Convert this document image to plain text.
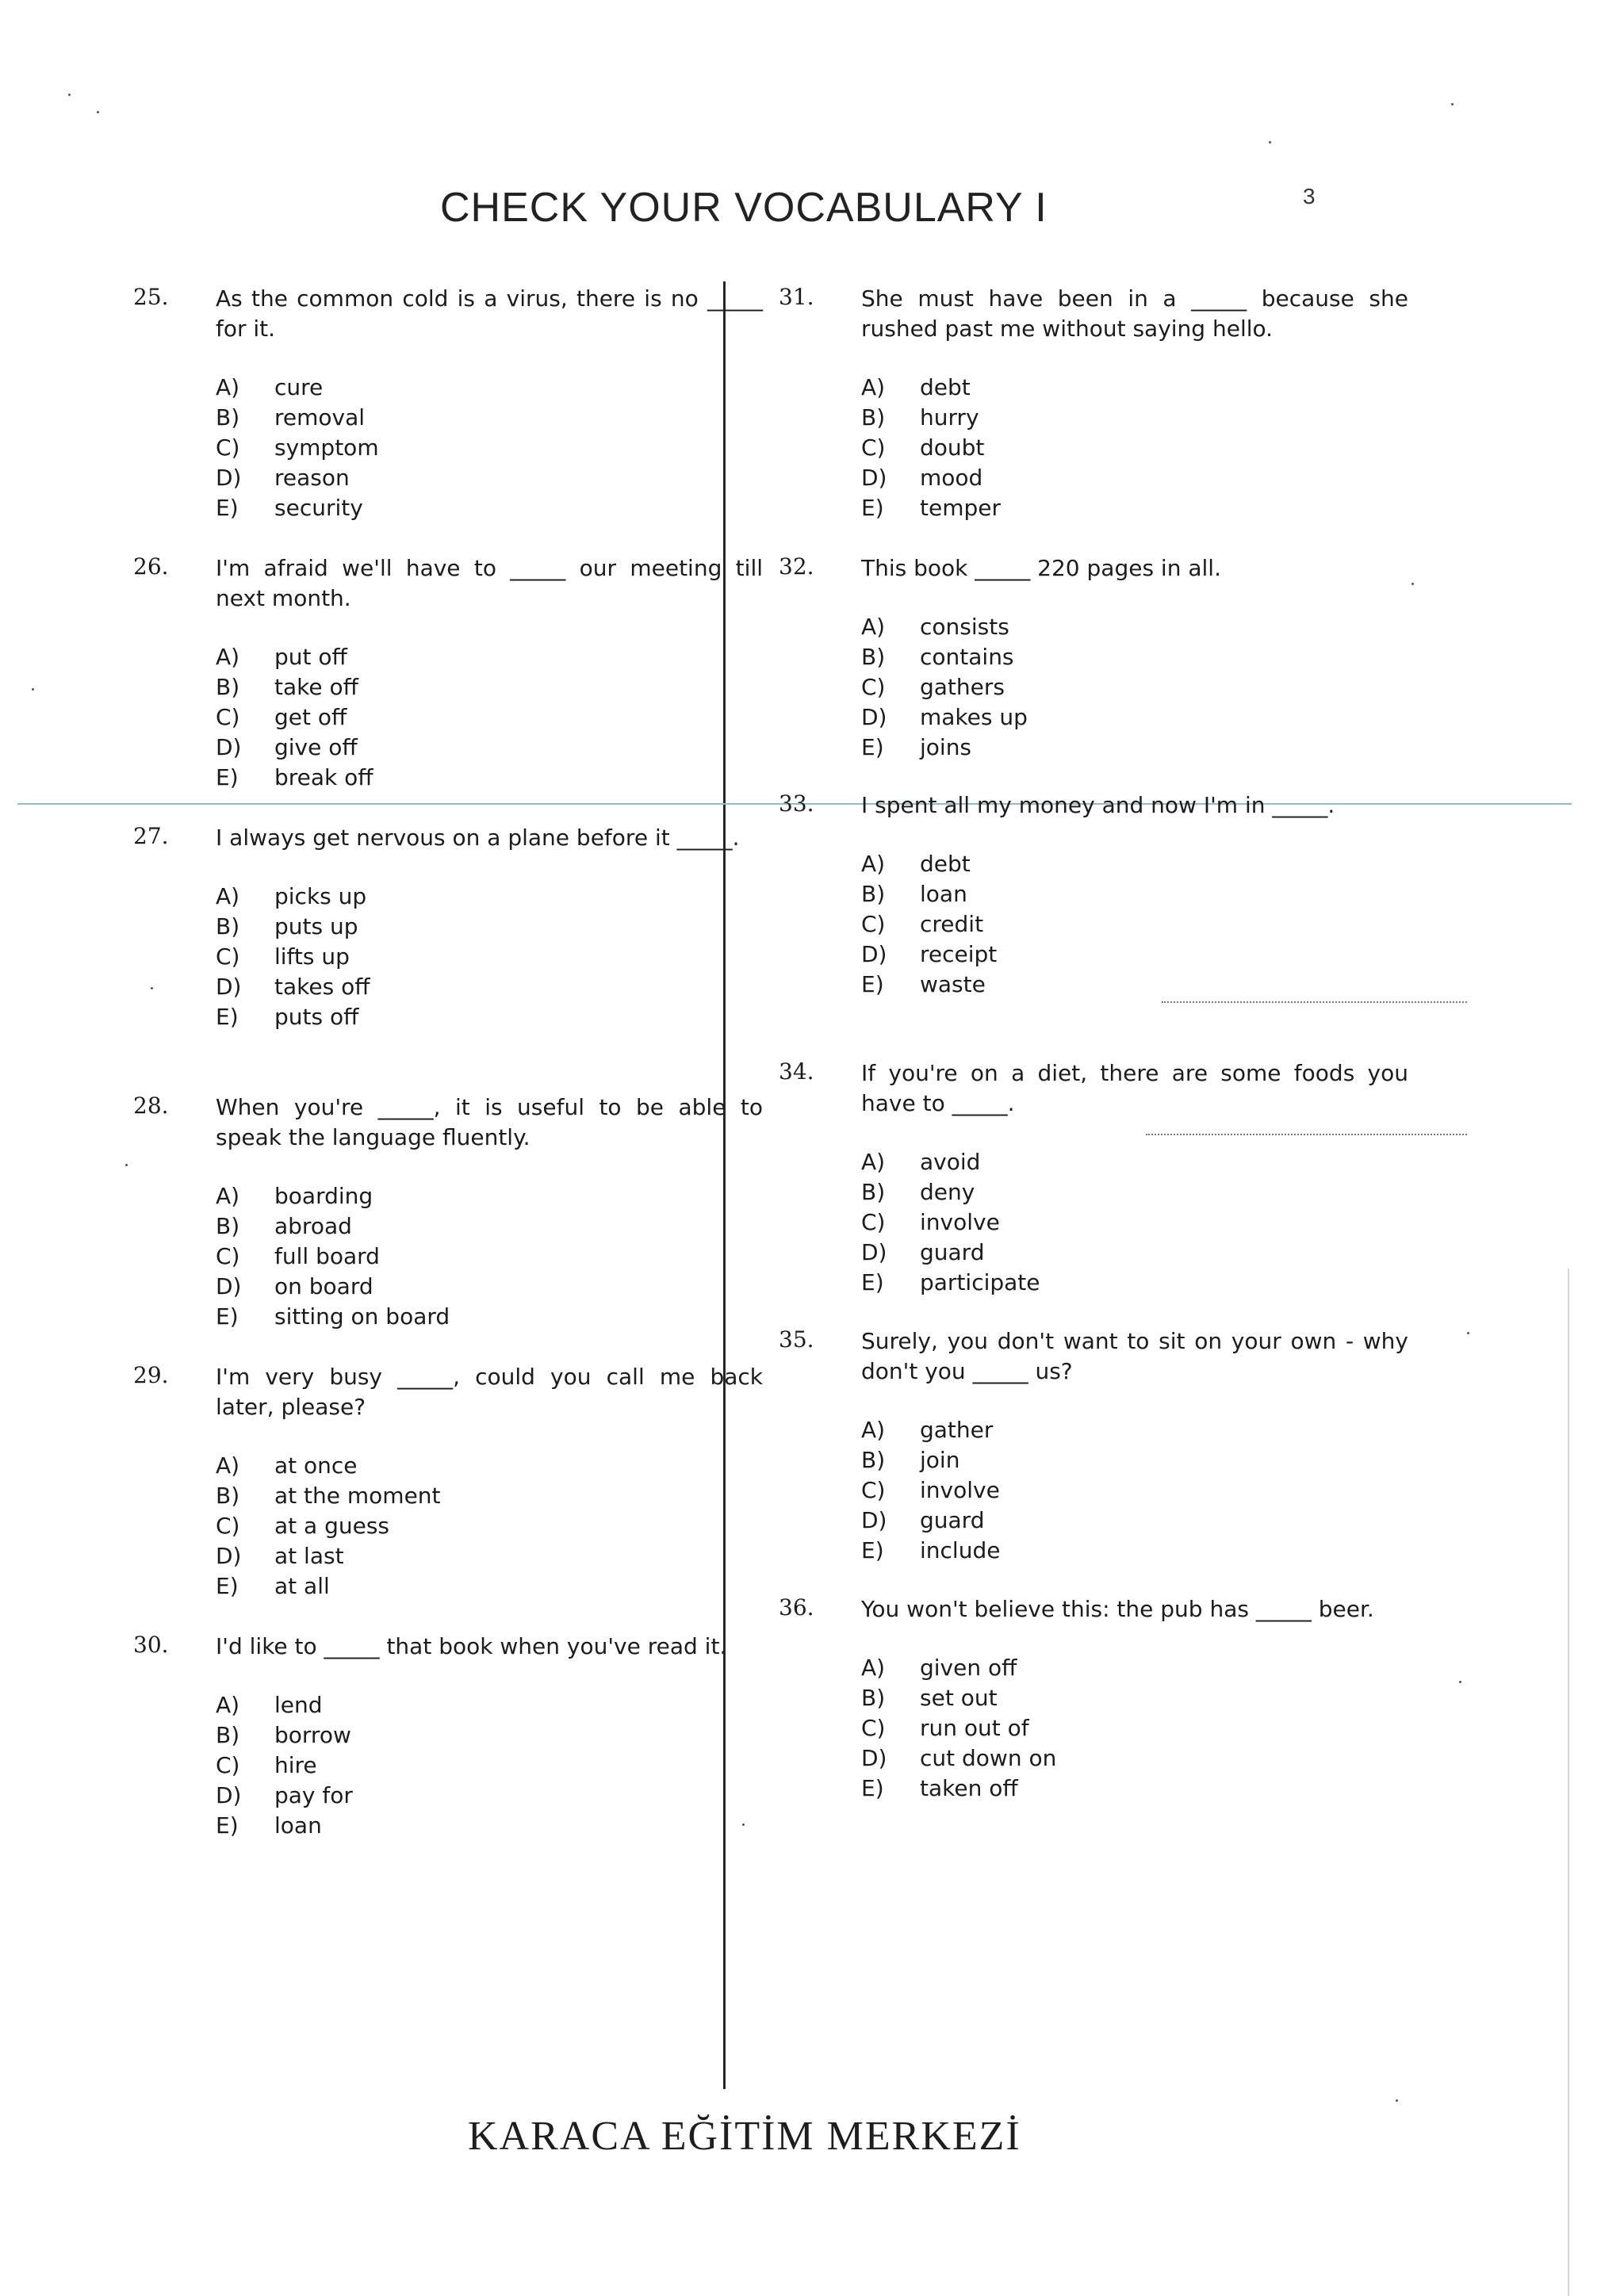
CHECK YOUR VOCABULARY I	3
25. As the common cold is a virus, there is no _____ for it.

A)	cure
B)	removal
C)	symptom
D)	reason
E)	security
26. I'm afraid we'll have to _____ our meeting till next month.

A)	put off
B)	take off
C)	get off
D)	give off
E)	break off
27. I always get nervous on a plane before it _____.

A)	picks up
B)	puts up
C)	lifts up
D)	takes off
E)	puts off
28. When you're _____, it is useful to be able to speak the language fluently.

A)	boarding
B)	abroad
C)	full board
D)	on board
E)	sitting on board
29. I'm very busy _____, could you call me back later, please?

A)	at once
B)	at the moment
C)	at a guess
D)	at last
E)	at all
30. I'd like to _____ that book when you've read it.

A)	lend
B)	borrow
C)	hire
D)	pay for
E)	loan
31. She must have been in a _____ because she rushed past me without saying hello.

A)	debt
B)	hurry
C)	doubt
D)	mood
E)	temper
32. This book _____ 220 pages in all.

A)	consists
B)	contains
C)	gathers
D)	makes up
E)	joins
33. I spent all my money and now I'm in _____.

A)	debt
B)	loan
C)	credit
D)	receipt
E)	waste
34. If you're on a diet, there are some foods you have to _____.

A)	avoid
B)	deny
C)	involve
D)	guard
E)	participate
35. Surely, you don't want to sit on your own - why don't you _____ us?

A)	gather
B)	join
C)	involve
D)	guard
E)	include
36. You won't believe this: the pub has _____ beer.

A)	given off
B)	set out
C)	run out of
D)	cut down on
E)	taken off
KARACA EĞİTİM MERKEZİ
